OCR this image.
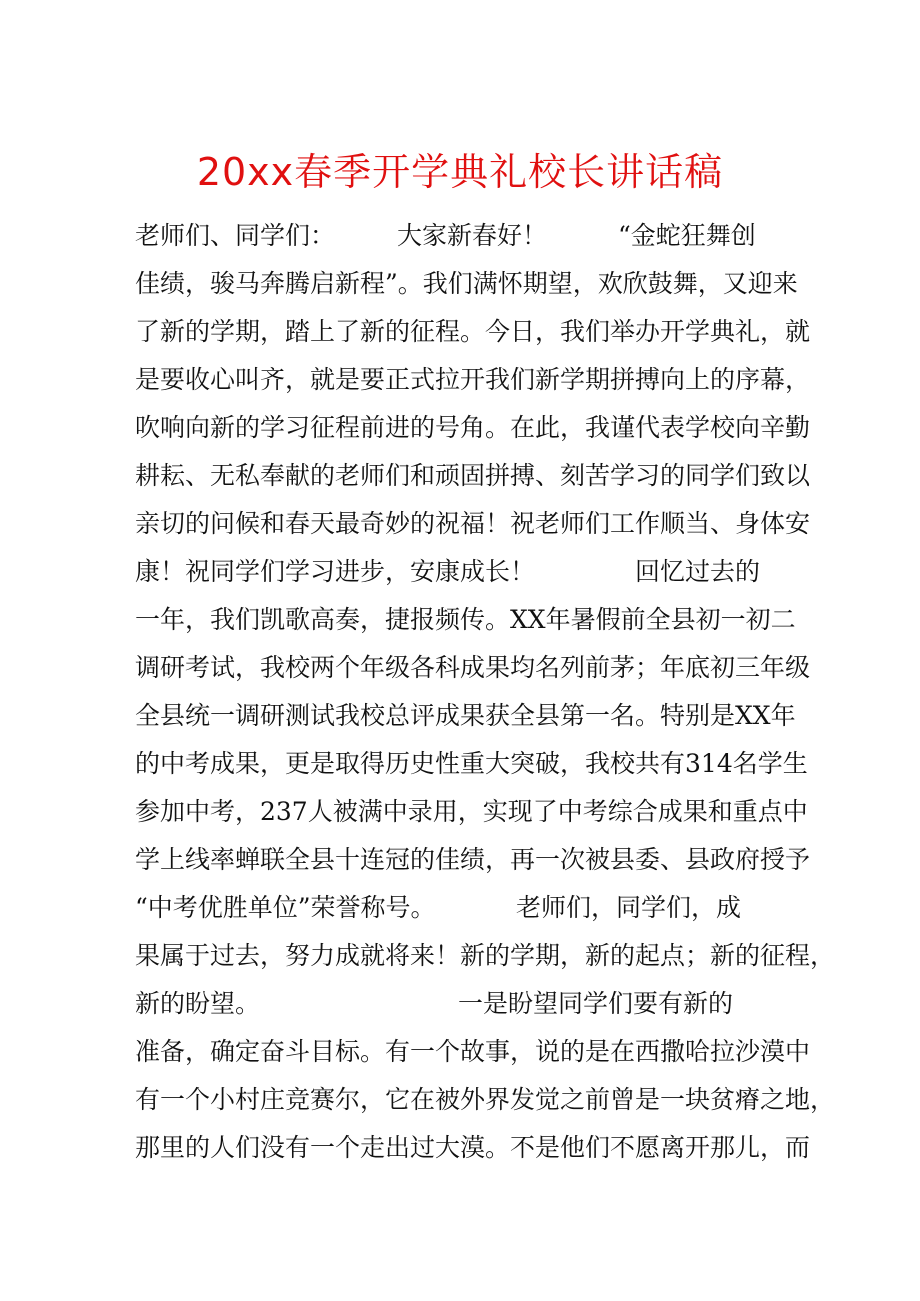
20xx春季开学典礼校长讲话稿
老师们、同学们： 大家新春好！	“金蛇狂舞创
佳绩，骏马奔腾启新程”。我们满怀期望，欢欣鼓舞，又迎来
了新的学期，踏上了新的征程。今日，我们举办开学典礼，就
是要收心叫齐，就是要正式拉开我们新学期拼搏向上的序幕，
吹响向新的学习征程前进的号角。在此，我谨代表学校向辛勤
耕耘、无私奉献的老师们和顽固拼搏、刻苦学习的同学们致以
亲切的问候和春天最奇妙的祝福！祝老师们工作顺当、身体安
康！祝同学们学习进步，安康成长！	回忆过去的
一年，我们凯歌高奏，捷报频传。XX年暑假前全县初一初二
调研考试，我校两个年级各科成果均名列前茅；年底初三年级
全县统一调研测试我校总评成果获全县第一名。特别是XX年
的中考成果，更是取得历史性重大突破，我校共有314名学生
参加中考，237人被满中录用，实现了中考综合成果和重点中
学上线率蝉联全县十连冠的佳绩，再一次被县委、县政府授予
“中考优胜单位”荣誉称号。	老师们，同学们，成
果属于过去，努力成就将来！新的学期，新的起点；新的征程，
新的盼望。	一是盼望同学们要有新的
准备，确定奋斗目标。有一个故事，说的是在西撒哈拉沙漠中
有一个小村庄竞赛尔，它在被外界发觉之前曾是一块贫瘠之地，
那里的人们没有一个走出过大漠。不是他们不愿离开那儿，而
